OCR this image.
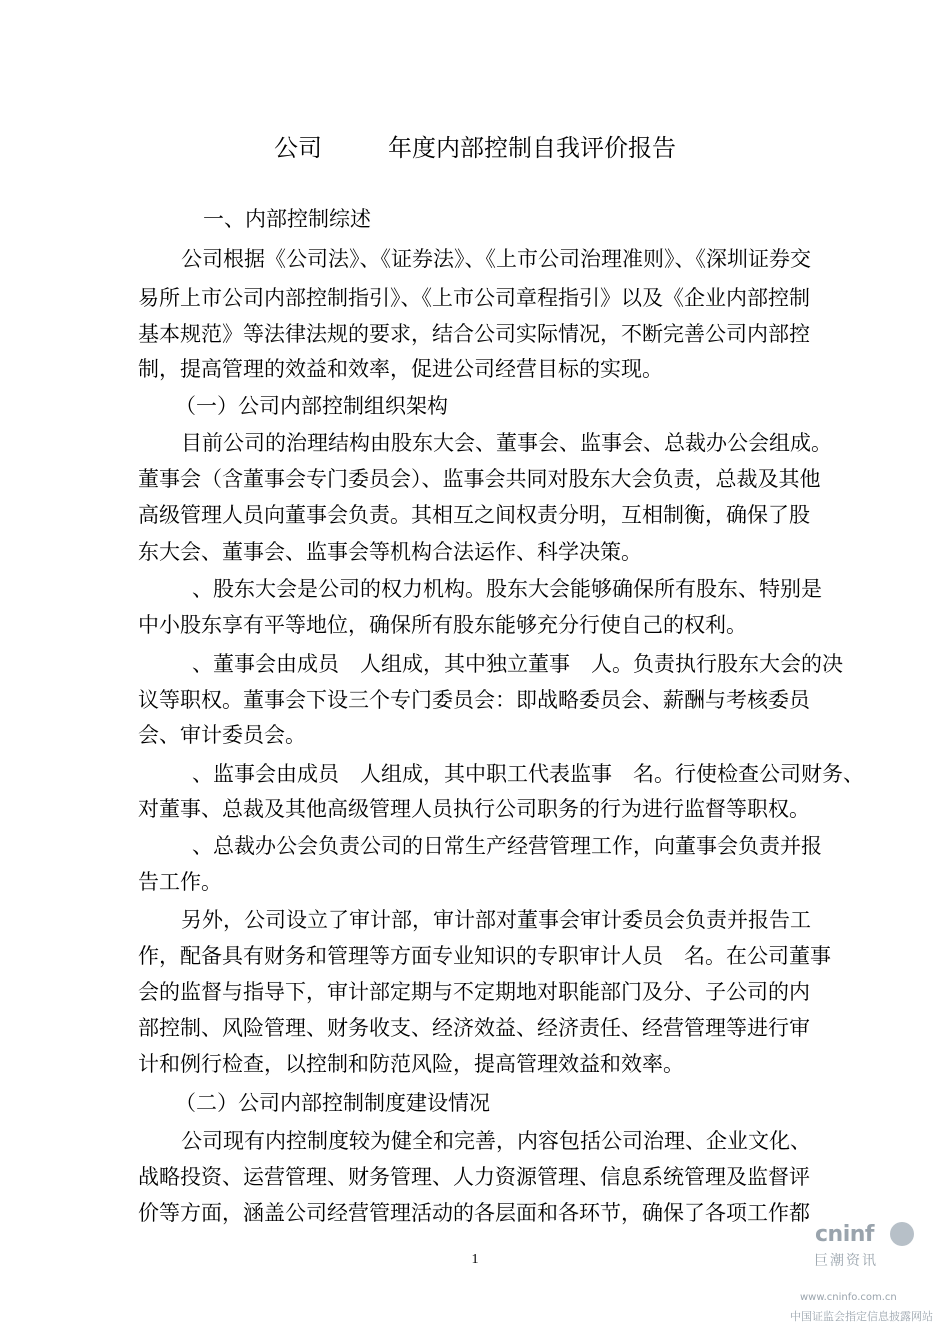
公司	年度内部控制自我评价报告
一、内部控制综述
公司根据《公司法》、《证券法》、《上市公司治理准则》、《深圳证券交
易所上市公司内部控制指引》、《上市公司章程指引》以及《企业内部控制
基本规范》等法律法规的要求，结合公司实际情况，不断完善公司内部控
制，提高管理的效益和效率，促进公司经营目标的实现。
（一）公司内部控制组织架构
目前公司的治理结构由股东大会、董事会、监事会、总裁办公会组成。
董事会（含董事会专门委员会）、监事会共同对股东大会负责，总裁及其他
高级管理人员向董事会负责。其相互之间权责分明，互相制衡，确保了股
东大会、董事会、监事会等机构合法运作、科学决策。
、股东大会是公司的权力机构。股东大会能够确保所有股东、特别是
中小股东享有平等地位，确保所有股东能够充分行使自己的权利。
、董事会由成员　人组成，其中独立董事　人。负责执行股东大会的决
议等职权。董事会下设三个专门委员会：即战略委员会、薪酬与考核委员
会、审计委员会。
、监事会由成员　人组成，其中职工代表监事　名。行使检查公司财务、
对董事、总裁及其他高级管理人员执行公司职务的行为进行监督等职权。
、总裁办公会负责公司的日常生产经营管理工作，向董事会负责并报
告工作。
另外，公司设立了审计部，审计部对董事会审计委员会负责并报告工
作，配备具有财务和管理等方面专业知识的专职审计人员　名。在公司董事
会的监督与指导下，审计部定期与不定期地对职能部门及分、子公司的内
部控制、风险管理、财务收支、经济效益、经济责任、经营管理等进行审
计和例行检查，以控制和防范风险，提高管理效益和效率。
（二）公司内部控制制度建设情况
公司现有内控制度较为健全和完善，内容包括公司治理、企业文化、
战略投资、运营管理、财务管理、人力资源管理、信息系统管理及监督评
价等方面，涵盖公司经营管理活动的各层面和各环节，确保了各项工作都
1
cninf
巨潮资讯
www.cninfo.com.cn
中国证监会指定信息披露网站
